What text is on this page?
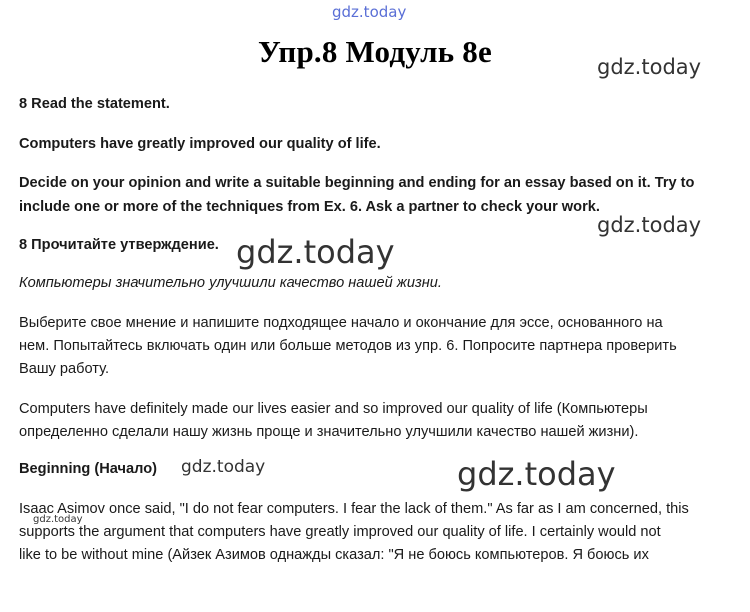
gdz.today
Упр.8 Модуль 8e	gdz.today
8 Read the statement.
Computers have greatly improved our quality of life.
Decide on your opinion and write a suitable beginning and ending for an essay based on it. Try to
include one or more of the techniques from Ex. 6. Ask a partner to check your work.
gdz.today
8 Прочитайте утверждение. gdz.today
Компьютеры значительно улучшили качество нашей жизни.
Выберите свое мнение и напишите подходящее начало и окончание для эссе, основанного на
нем. Попытайтесь включать один или больше методов из упр. 6. Попросите партнера проверить
Вашу работу.
Computers have definitely made our lives easier and so improved our quality of life (Компьютеры
определенно сделали нашу жизнь проще и значительно улучшили качество нашей жизни).
Beginning (Начало) gdz.today	gdz.today
Isaac Asimov once said, "I do not fear computers. I fear the lack of them." As far as I am concerned, this
gdz.today
supports the argument that computers have greatly improved our quality of life. I certainly would not
like to be without mine (Айзек Азимов однажды сказал: "Я не боюсь компьютеров. Я боюсь их
